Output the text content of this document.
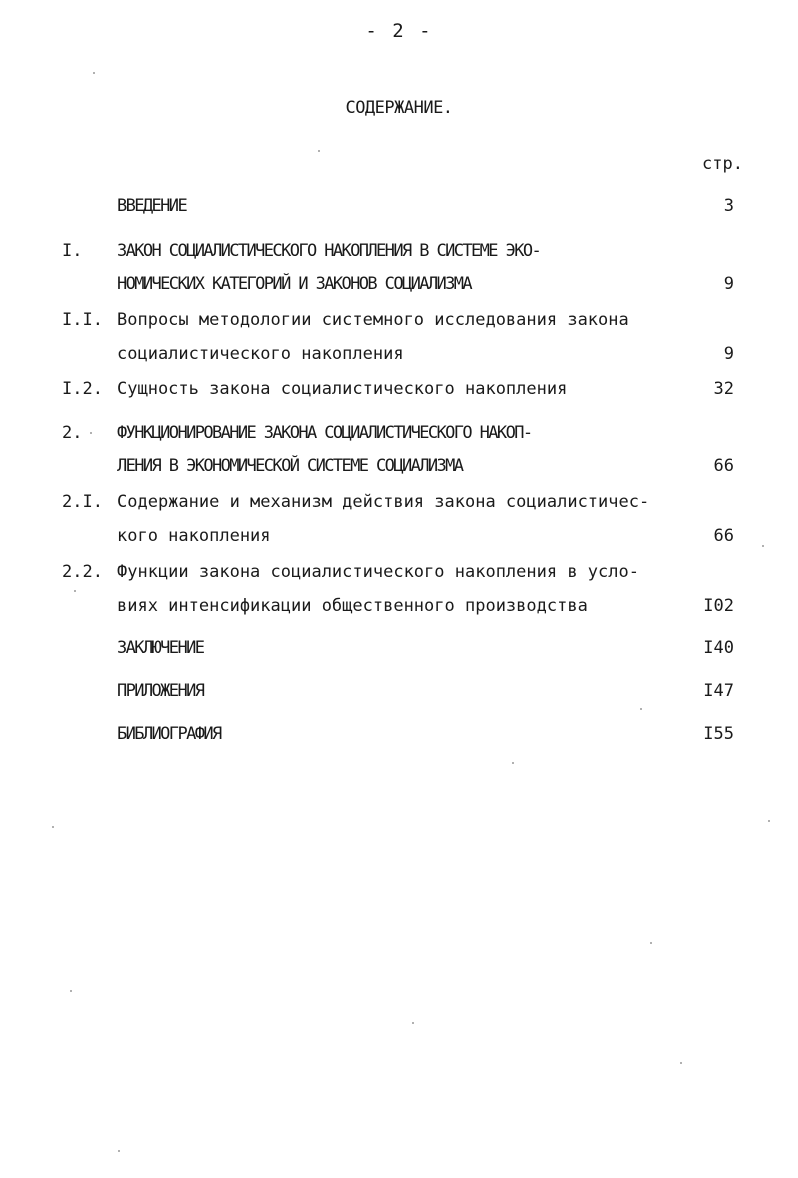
- 2 -
СОДЕРЖАНИЕ.
стр.
ВВЕДЕНИЕ	3
I. ЗАКОН СОЦИАЛИСТИЧЕСКОГО НАКОПЛЕНИЯ В СИСТЕМЕ ЭКО-
НОМИЧЕСКИХ КАТЕГОРИЙ И ЗАКОНОВ СОЦИАЛИЗМА	9
I.I. Вопросы методологии системного исследования закона
социалистического накопления	9
I.2. Сущность закона социалистического накопления	32
2. ФУНКЦИОНИРОВАНИЕ ЗАКОНА СОЦИАЛИСТИЧЕСКОГО НАКОП-
ЛЕНИЯ В ЭКОНОМИЧЕСКОЙ СИСТЕМЕ СОЦИАЛИЗМА	66
2.I. Содержание и механизм действия закона социалистичес-
кого накопления	66
2.2. Функции закона социалистического накопления в усло-
виях интенсификации общественного производства	I02
ЗАКЛЮЧЕНИЕ	I40
ПРИЛОЖЕНИЯ	I47
БИБЛИОГРАФИЯ	I55
